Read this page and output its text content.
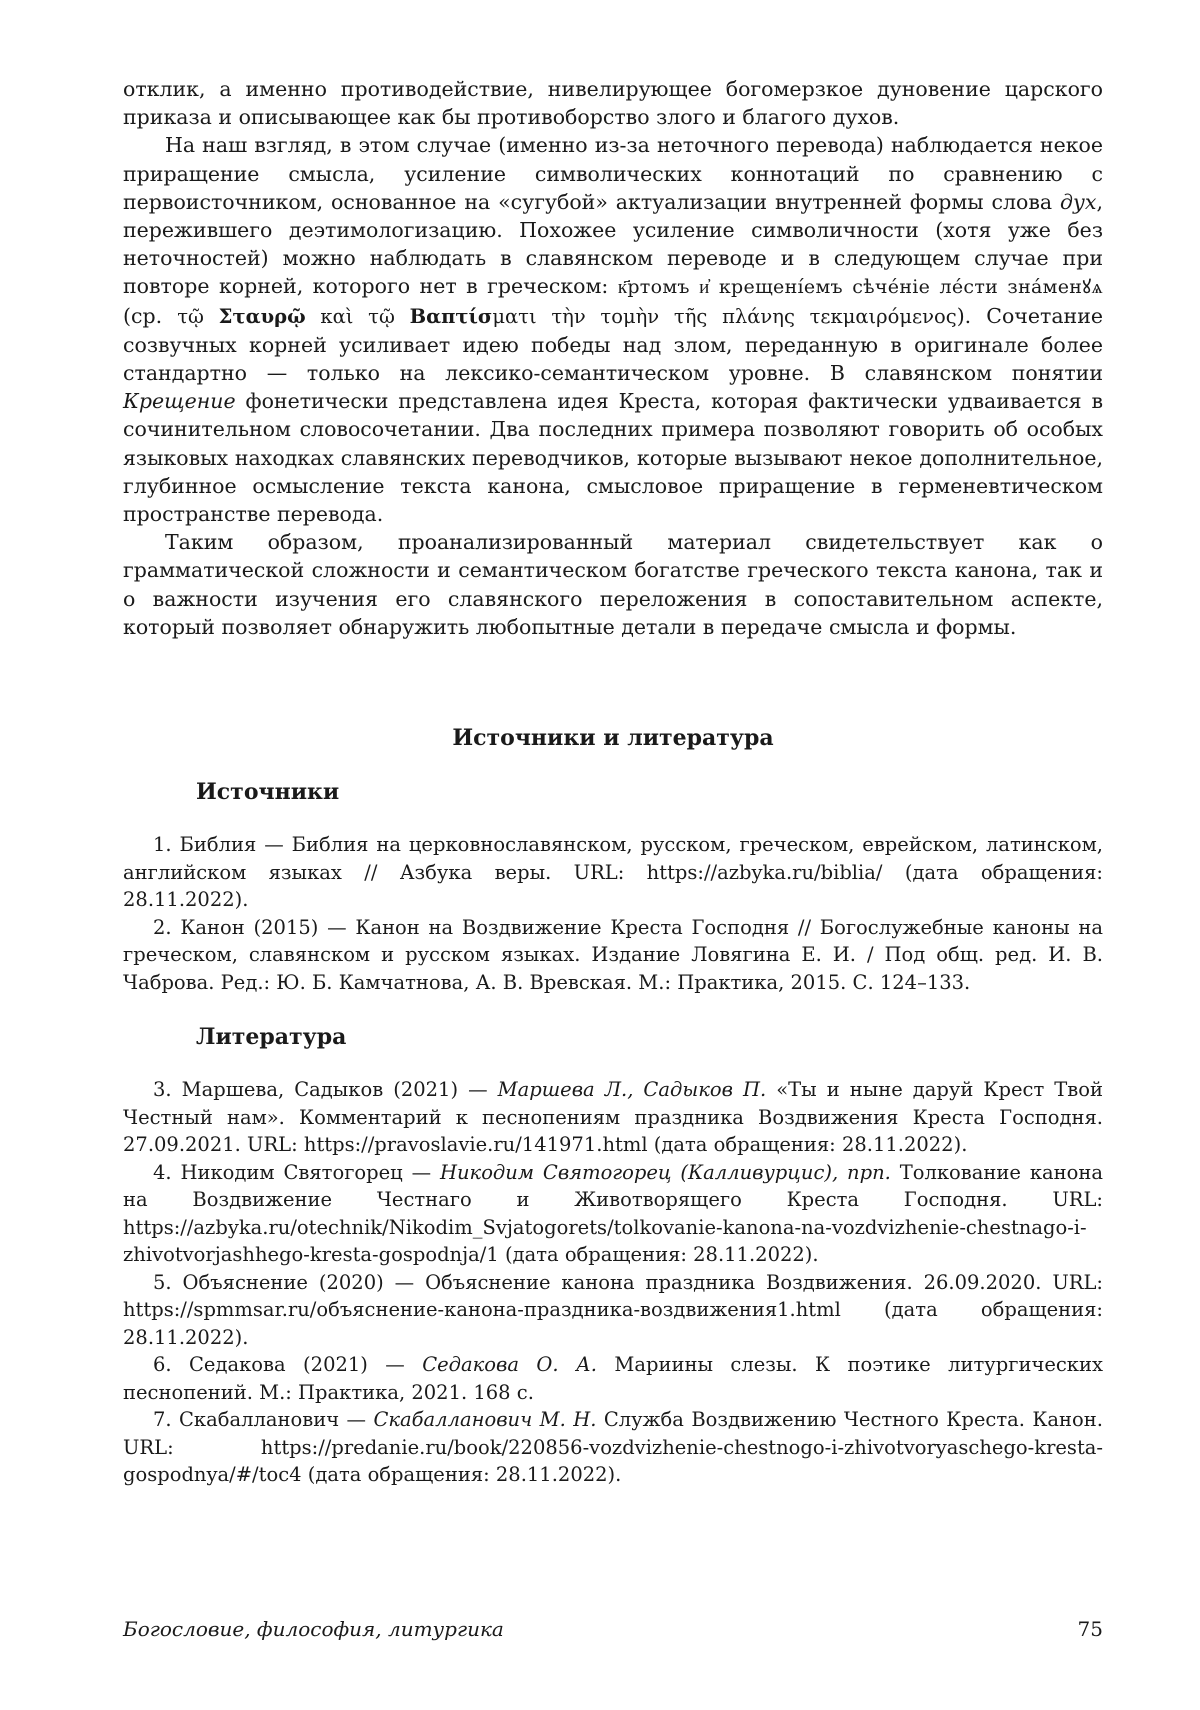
отклик, а именно противодействие, нивелирующее богомерзкое дуновение царского приказа и описывающее как бы противоборство злого и благого духов.

На наш взгляд, в этом случае (именно из-за неточного перевода) наблюдается некое приращение смысла, усиление символических коннотаций по сравнению с первоисточником, основанное на «сугубой» актуализации внутренней формы слова дух, пережившего деэтимологизацию. Похожее усиление символичности (хотя уже без неточностей) можно наблюдать в славянском переводе и в следующем случае при повторе корней, которого нет в греческом: к҃ртомъ и҆ крещені́емъ сѣче́ніе ле́сти зна́менꙋѧ (ср. τῷ Σταυρῷ καὶ τῷ Βαπτίσματι τὴν τομὴν τῆς πλάνης τεκμαιρόμενος). Сочетание созвучных корней усиливает идею победы над злом, переданную в оригинале более стандартно — только на лексико-семантическом уровне. В славянском понятии Крещение фонетически представлена идея Креста, которая фактически удваивается в сочинительном словосочетании. Два последних примера позволяют говорить об особых языковых находках славянских переводчиков, которые вызывают некое дополнительное, глубинное осмысление текста канона, смысловое приращение в герменевтическом пространстве перевода.

Таким образом, проанализированный материал свидетельствует как о грамматической сложности и семантическом богатстве греческого текста канона, так и о важности изучения его славянского переложения в сопоставительном аспекте, который позволяет обнаружить любопытные детали в передаче смысла и формы.

Источники и литература
Источники

1. Библия — Библия на церковнославянском, русском, греческом, еврейском, латинском, английском языках // Азбука веры. URL: https://azbyka.ru/biblia/ (дата обращения: 28.11.2022).

2. Канон (2015) — Канон на Воздвижение Креста Господня // Богослужебные каноны на греческом, славянском и русском языках. Издание Ловягина Е. И. / Под общ. ред. И. В. Чаброва. Ред.: Ю. Б. Камчатнова, А. В. Вревская. М.: Практика, 2015. С. 124–133.

Литература

3. Маршева, Садыков (2021) — Маршева Л., Садыков П. «Ты и ныне даруй Крест Твой Честный нам». Комментарий к песнопениям праздника Воздвижения Креста Господня. 27.09.2021. URL: https://pravoslavie.ru/141971.html (дата обращения: 28.11.2022).

4. Никодим Святогорец — Никодим Святогорец (Калливурцис), прп. Толкование канона на Воздвижение Честнаго и Животворящего Креста Господня. URL: https://azbyka.ru/otechnik/Nikodim_Svjatogorets/tolkovanie-kanona-na-vozdvizhenie-chestnago-i-zhivotvorjashhego-kresta-gospodnja/1 (дата обращения: 28.11.2022).

5. Объяснение (2020) — Объяснение канона праздника Воздвижения. 26.09.2020. URL: https://spmmsar.ru/объяснение-канона-праздника-воздвижения1.html (дата обращения: 28.11.2022).

6. Седакова (2021) — Седакова О. А. Мариины слезы. К поэтике литургических песнопений. М.: Практика, 2021. 168 с.

7. Скабалланович — Скабалланович М. Н. Служба Воздвижению Честного Креста. Канон. URL: https://predanie.ru/book/220856-vozdvizhenie-chestnogo-i-zhivotvoryaschego-kresta-gospodnya/#/toc4 (дата обращения: 28.11.2022).

Богословие, философия, литургика	75
